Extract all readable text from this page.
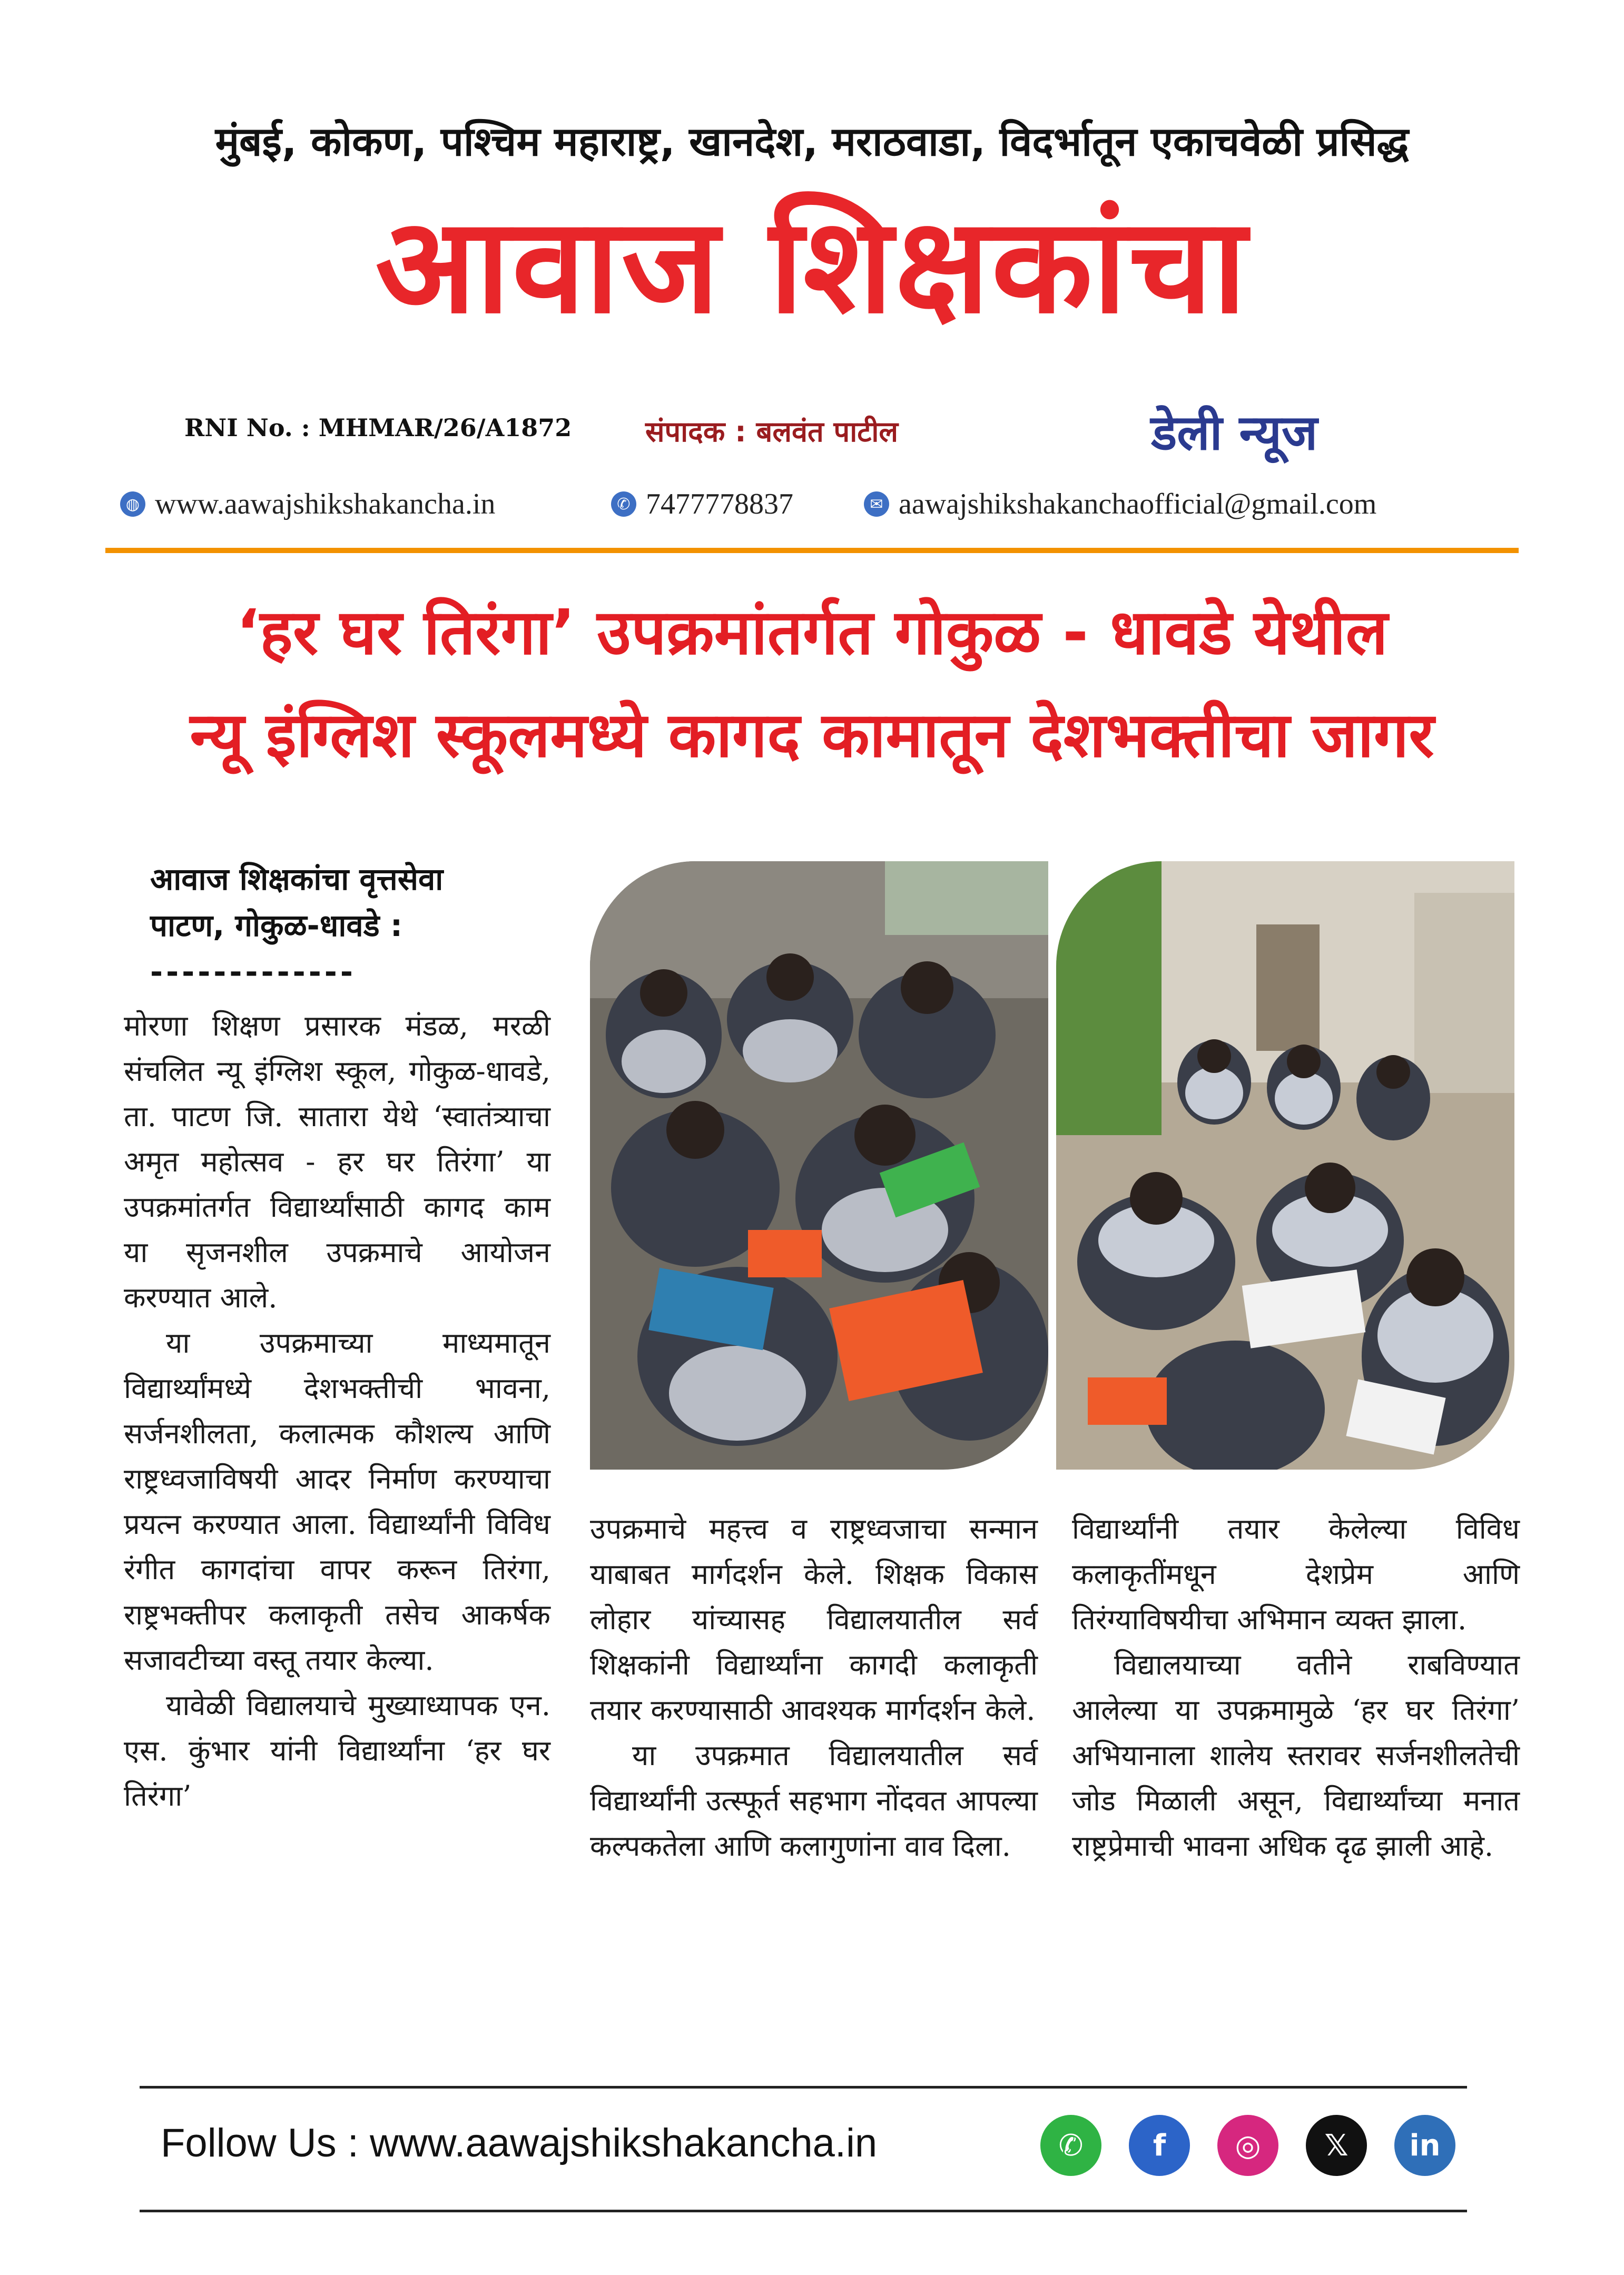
मुंबई, कोकण, पश्चिम महाराष्ट्र, खानदेश, मराठवाडा, विदर्भातून एकाचवेळी प्रसिद्ध
आवाज शिक्षकांचा
RNI No. : MHMAR/26/A1872	संपादक : बलवंत पाटील	डेली न्यूज
◍ www.aawajshikshakancha.in	✆ 7477778837	✉ aawajshikshakanchaofficial@gmail.com
‘हर घर तिरंगा’ उपक्रमांतर्गत गोकुळ - धावडे येथील
न्यू इंग्लिश स्कूलमध्ये कागद कामातून देशभक्तीचा जागर
आवाज शिक्षकांचा वृत्तसेवा
पाटण, गोकुळ-धावडे :
-------------

मोरणा शिक्षण प्रसारक मंडळ, मरळी संचलित न्यू इंग्लिश स्कूल, गोकुळ-धावडे, ता. पाटण जि. सातारा येथे ‘स्वातंत्र्याचा अमृत महोत्सव - हर घर तिरंगा’ या उपक्रमांतर्गत विद्यार्थ्यांसाठी कागद काम या सृजनशील उपक्रमाचे आयोजन करण्यात आले.

या उपक्रमाच्या माध्यमातून विद्यार्थ्यांमध्ये देशभक्तीची भावना, सर्जनशीलता, कलात्मक कौशल्य आणि राष्ट्रध्वजाविषयी आदर निर्माण करण्याचा प्रयत्न करण्यात आला. विद्यार्थ्यांनी विविध रंगीत कागदांचा वापर करून तिरंगा, राष्ट्रभक्तीपर कलाकृती तसेच आकर्षक सजावटीच्या वस्तू तयार केल्या.

यावेळी विद्यालयाचे मुख्याध्यापक एन. एस. कुंभार यांनी विद्यार्थ्यांना ‘हर घर तिरंगा’

उपक्रमाचे महत्त्व व राष्ट्रध्वजाचा सन्मान याबाबत मार्गदर्शन केले. शिक्षक विकास लोहार यांच्यासह विद्यालयातील सर्व शिक्षकांनी विद्यार्थ्यांना कागदी कलाकृती तयार करण्यासाठी आवश्यक मार्गदर्शन केले.

या उपक्रमात विद्यालयातील सर्व विद्यार्थ्यांनी उत्स्फूर्त सहभाग नोंदवत आपल्या कल्पकतेला आणि कलागुणांना वाव दिला.

विद्यार्थ्यांनी तयार केलेल्या विविध कलाकृतींमधून देशप्रेम आणि तिरंग्याविषयीचा अभिमान व्यक्त झाला.

विद्यालयाच्या वतीने राबविण्यात आलेल्या या उपक्रमामुळे ‘हर घर तिरंगा’ अभियानाला शालेय स्तरावर सर्जनशीलतेची जोड मिळाली असून, विद्यार्थ्यांच्या मनात राष्ट्रप्रेमाची भावना अधिक दृढ झाली आहे.

Follow Us : www.aawajshikshakancha.in	✆ f ◎ 𝕏 in
